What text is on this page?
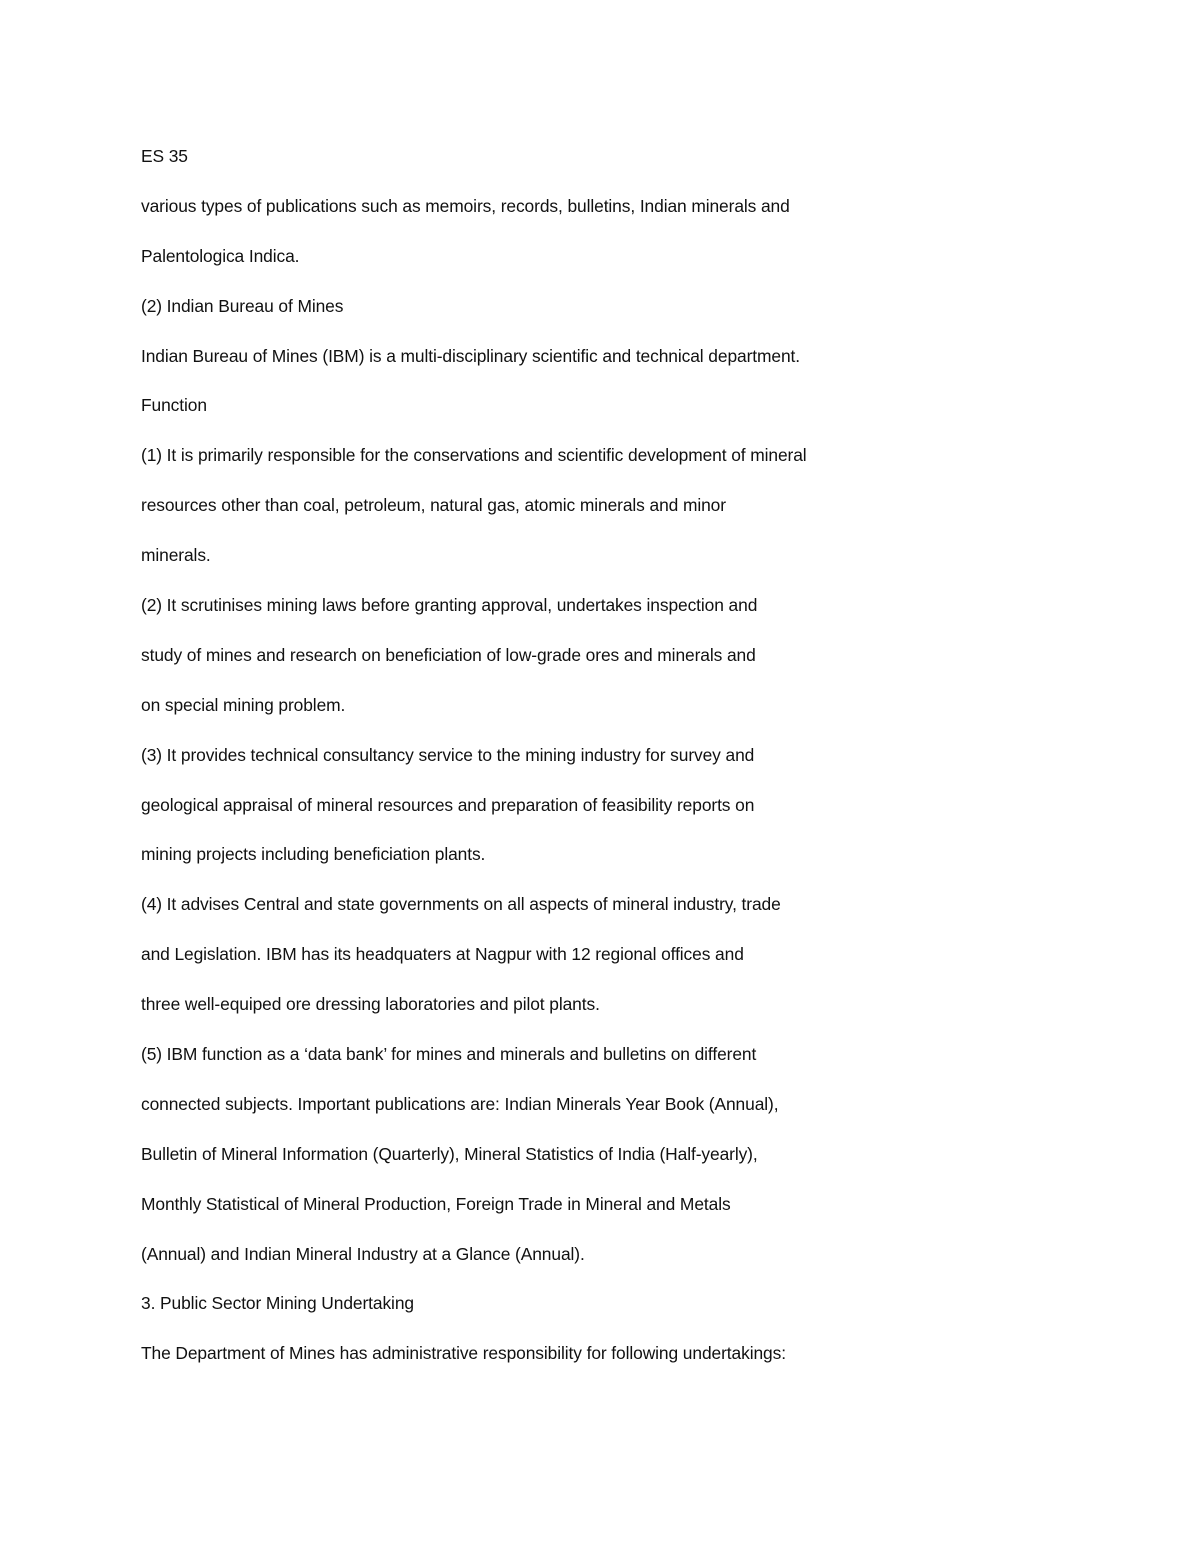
ES 35
various types of publications such as memoirs, records, bulletins, Indian minerals and
Palentologica Indica.
(2) Indian Bureau of Mines
Indian Bureau of Mines (IBM) is a multi-disciplinary scientific and technical department.
Function
(1) It is primarily responsible for the conservations and scientific development of mineral
resources other than coal, petroleum, natural gas, atomic minerals and minor
minerals.
(2) It scrutinises mining laws before granting approval, undertakes inspection and
study of mines and research on beneficiation of low-grade ores and minerals and
on special mining problem.
(3) It provides technical consultancy service to the mining industry for survey and
geological appraisal of mineral resources and preparation of feasibility reports on
mining projects including beneficiation plants.
(4) It advises Central and state governments on all aspects of mineral industry, trade
and Legislation. IBM has its headquaters at Nagpur with 12 regional offices and
three well-equiped ore dressing laboratories and pilot plants.
(5) IBM function as a ‘data bank’ for mines and minerals and bulletins on different
connected subjects. Important publications are: Indian Minerals Year Book (Annual),
Bulletin of Mineral Information (Quarterly), Mineral Statistics of India (Half-yearly),
Monthly Statistical of Mineral Production, Foreign Trade in Mineral and Metals
(Annual) and Indian Mineral Industry at a Glance (Annual).
3. Public Sector Mining Undertaking
The Department of Mines has administrative responsibility for following undertakings:
